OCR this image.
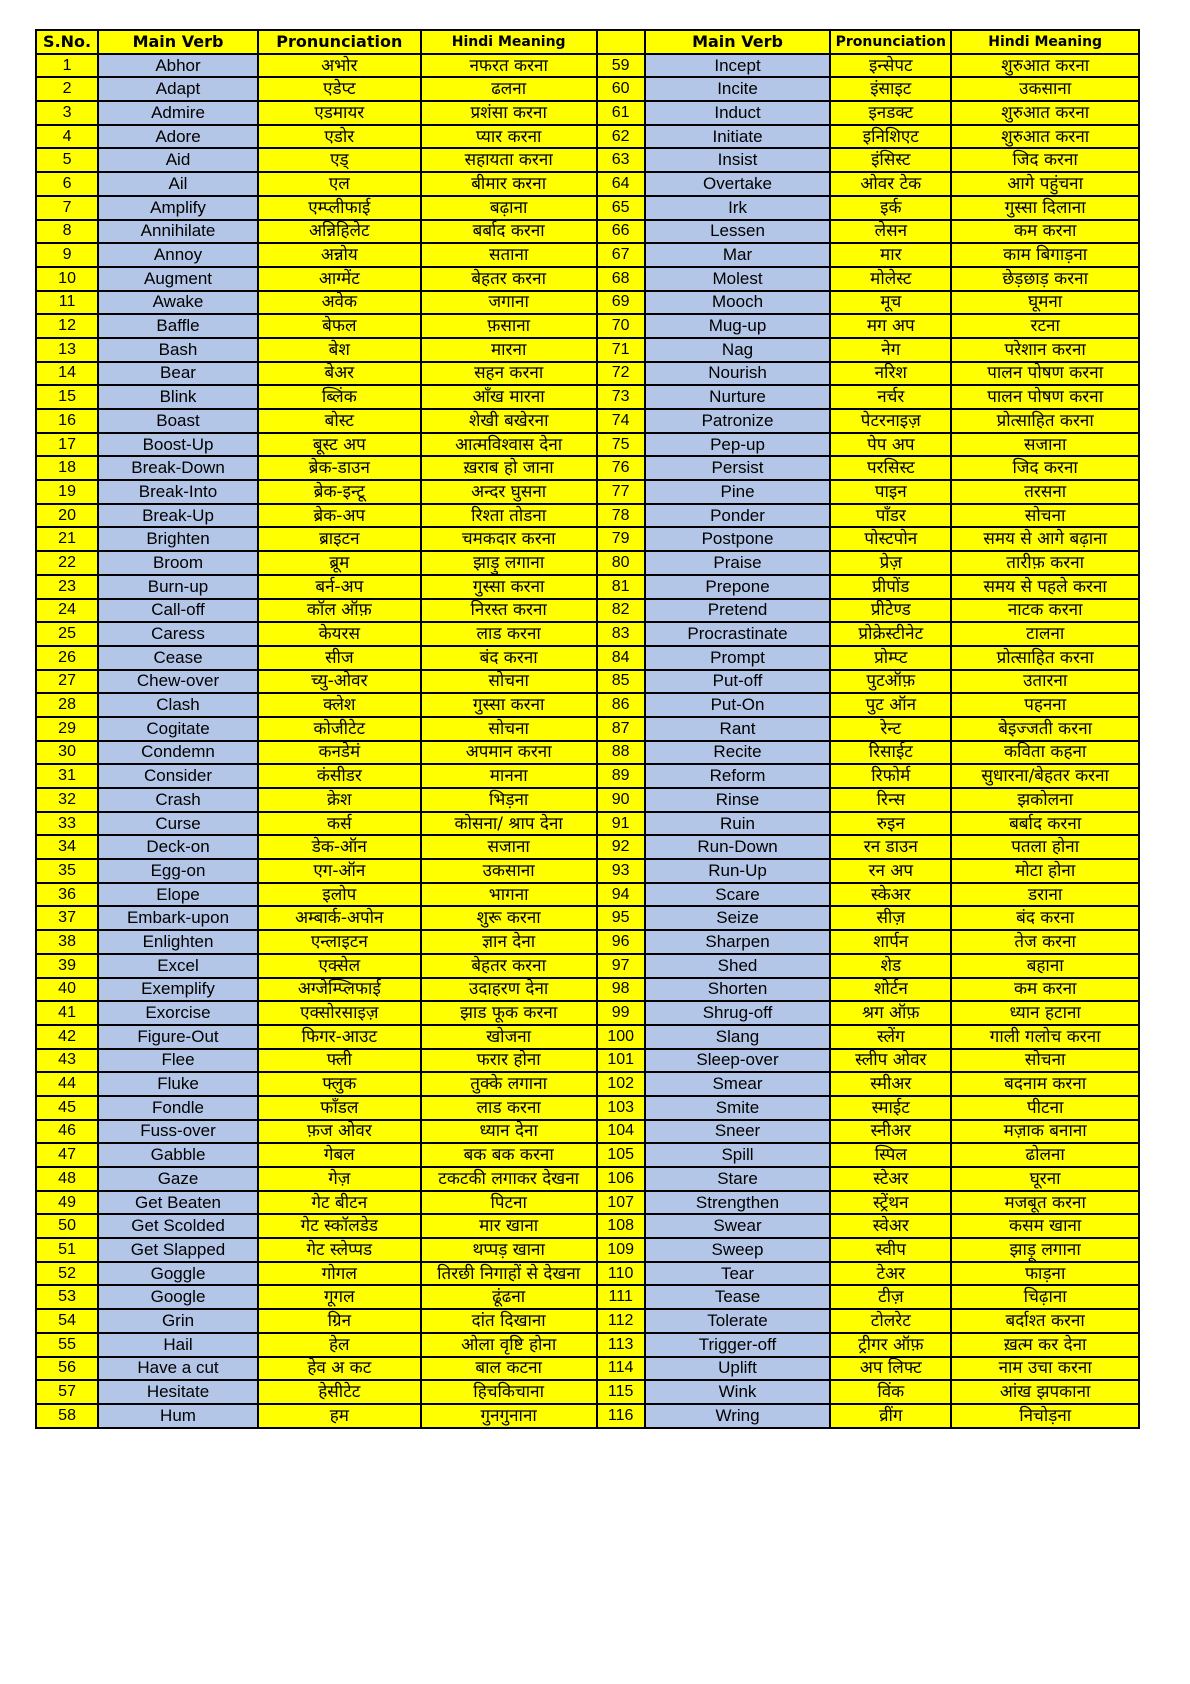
S.No.	Main Verb	Pronunciation	Hindi Meaning		Main Verb	Pronunciation	Hindi Meaning
1	Abhor	अभोर	नफरत करना	59	Incept	इन्सेपट	शुरुआत करना
2	Adapt	एडेप्ट	ढलना	60	Incite	इंसाइट	उकसाना
3	Admire	एडमायर	प्रशंसा करना	61	Induct	इनडक्ट	शुरुआत करना
4	Adore	एडोर	प्यार करना	62	Initiate	इनिशिएट	शुरुआत करना
5	Aid	एड्	सहायता करना	63	Insist	इंसिस्ट	जिद करना
6	Ail	एल	बीमार करना	64	Overtake	ओवर टेक	आगे पहुंचना
7	Amplify	एम्प्लीफाई	बढ़ाना	65	Irk	इर्क	गुस्सा दिलाना
8	Annihilate	अन्निहिलेट	बर्बाद करना	66	Lessen	लेसन	कम करना
9	Annoy	अन्नोय	सताना	67	Mar	मार	काम बिगाड़ना
10	Augment	आग्मेंट	बेहतर करना	68	Molest	मोलेस्ट	छेड़छाड़ करना
11	Awake	अवेक	जगाना	69	Mooch	मूच	घूमना
12	Baffle	बेफल	फ़साना	70	Mug-up	मग अप	रटना
13	Bash	बेश	मारना	71	Nag	नेग	परेशान करना
14	Bear	बेअर	सहन करना	72	Nourish	नरिश	पालन पोषण करना
15	Blink	ब्लिंक	आँख मारना	73	Nurture	नर्चर	पालन पोषण करना
16	Boast	बोस्ट	शेखी बखेरना	74	Patronize	पेटरनाइज़	प्रोत्साहित करना
17	Boost-Up	बूस्ट अप	आत्मविश्वास देना	75	Pep-up	पेप अप	सजाना
18	Break-Down	ब्रेक-डाउन	ख़राब हो जाना	76	Persist	परसिस्ट	जिद करना
19	Break-Into	ब्रेक-इन्टू	अन्दर घुसना	77	Pine	पाइन	तरसना
20	Break-Up	ब्रेक-अप	रिश्ता तोडना	78	Ponder	पॉंडर	सोचना
21	Brighten	ब्राइटन	चमकदार करना	79	Postpone	पोस्टपोन	समय से आगे बढ़ाना
22	Broom	ब्रूम	झाड़ु लगाना	80	Praise	प्रेज़	तारीफ़ करना
23	Burn-up	बर्न-अप	गुस्सा करना	81	Prepone	प्रीपोंड	समय से पहले करना
24	Call-off	कॉल ऑफ़	निरस्त करना	82	Pretend	प्रीटेण्ड	नाटक करना
25	Caress	केयरस	लाड करना	83	Procrastinate	प्रोक्रेस्टीनेट	टालना
26	Cease	सीज	बंद करना	84	Prompt	प्रोम्प्ट	प्रोत्साहित करना
27	Chew-over	च्यु-ओवर	सोचना	85	Put-off	पुटऑफ़	उतारना
28	Clash	क्लेश	गुस्सा करना	86	Put-On	पुट ऑन	पहनना
29	Cogitate	कोजीटेट	सोचना	87	Rant	रेन्ट	बेइज्जती करना
30	Condemn	कनडेमं	अपमान करना	88	Recite	रिसाईट	कविता कहना
31	Consider	कंसीडर	मानना	89	Reform	रिफोर्म	सुधारना/बेहतर करना
32	Crash	क्रेश	भिड़ना	90	Rinse	रिन्स	झकोलना
33	Curse	कर्स	कोसना/ श्राप देना	91	Ruin	रुइन	बर्बाद करना
34	Deck-on	डेक-ऑन	सजाना	92	Run-Down	रन डाउन	पतला होना
35	Egg-on	एग-ऑन	उकसाना	93	Run-Up	रन अप	मोटा होना
36	Elope	इलोप	भागना	94	Scare	स्केअर	डराना
37	Embark-upon	अम्बार्क-अपोन	शुरू करना	95	Seize	सीज़	बंद करना
38	Enlighten	एन्लाइटन	ज्ञान देना	96	Sharpen	शार्पन	तेज करना
39	Excel	एक्सेल	बेहतर करना	97	Shed	शेड	बहाना
40	Exemplify	अग्जेम्प्लिफाई	उदाहरण देना	98	Shorten	शोर्टन	कम करना
41	Exorcise	एक्सोरसाइज़	झाड फूक करना	99	Shrug-off	श्रग ऑफ़	ध्यान हटाना
42	Figure-Out	फिगर-आउट	खोजना	100	Slang	स्लेंग	गाली गलोच करना
43	Flee	फ्ली	फरार होना	101	Sleep-over	स्लीप ओवर	सोचना
44	Fluke	फ्लुक	तुक्के लगाना	102	Smear	स्मीअर	बदनाम करना
45	Fondle	फॉंडल	लाड करना	103	Smite	स्माईट	पीटना
46	Fuss-over	फ़ज ओवर	ध्यान देना	104	Sneer	स्नीअर	मज़ाक बनाना
47	Gabble	गेबल	बक बक करना	105	Spill	स्पिल	ढोलना
48	Gaze	गेज़	टकटकी लगाकर देखना	106	Stare	स्टेअर	घूरना
49	Get Beaten	गेट बीटन	पिटना	107	Strengthen	स्ट्रेंथन	मजबूत करना
50	Get Scolded	गेट स्कॉलडेड	मार खाना	108	Swear	स्वेअर	कसम खाना
51	Get Slapped	गेट स्लेप्पड	थप्पड़ खाना	109	Sweep	स्वीप	झाड़ू लगाना
52	Goggle	गोगल	तिरछी निगाहों से देखना	110	Tear	टेअर	फाड़ना
53	Google	गूगल	ढूंढना	111	Tease	टीज़	चिढ़ाना
54	Grin	ग्रिन	दांत दिखाना	112	Tolerate	टोलरेट	बर्दाश्त करना
55	Hail	हेल	ओला वृष्टि होना	113	Trigger-off	ट्रीगर ऑफ़	ख़त्म कर देना
56	Have a cut	हेव अ कट	बाल कटना	114	Uplift	अप लिफ्ट	नाम उचा करना
57	Hesitate	हेसीटेट	हिचकिचाना	115	Wink	विंक	आंख झपकाना
58	Hum	हम	गुनगुनाना	116	Wring	व्रींग	निचोड़ना
